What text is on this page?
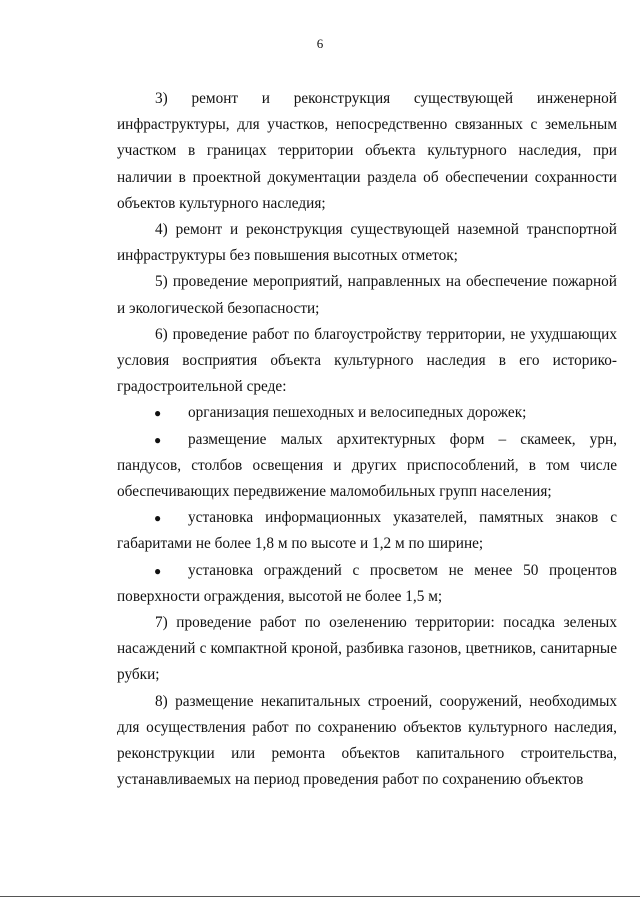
6

3) ремонт и реконструкция существующей инженерной инфраструктуры, для участков, непосредственно связанных с земельным участком в границах территории объекта культурного наследия, при наличии в проектной документации раздела об обеспечении сохранности объектов культурного наследия;

4) ремонт и реконструкция существующей наземной транспортной инфраструктуры без повышения высотных отметок;

5) проведение мероприятий, направленных на обеспечение пожарной и экологической безопасности;

6) проведение работ по благоустройству территории, не ухудшающих условия восприятия объекта культурного наследия в его историко-градостроительной среде:

● организация пешеходных и велосипедных дорожек;
● размещение малых архитектурных форм – скамеек, урн, пандусов, столбов освещения и других приспособлений, в том числе обеспечивающих передвижение маломобильных групп населения;
● установка информационных указателей, памятных знаков с габаритами не более 1,8 м по высоте и 1,2 м по ширине;
● установка ограждений с просветом не менее 50 процентов поверхности ограждения, высотой не более 1,5 м;

7) проведение работ по озеленению территории: посадка зеленых насаждений с компактной кроной, разбивка газонов, цветников, санитарные рубки;

8) размещение некапитальных строений, сооружений, необходимых для осуществления работ по сохранению объектов культурного наследия, реконструкции или ремонта объектов капитального строительства, устанавливаемых на период проведения работ по сохранению объектов
